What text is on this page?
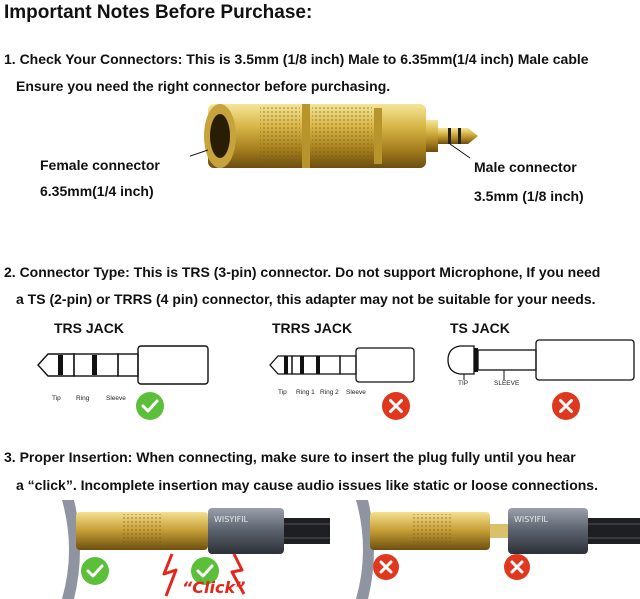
Important Notes Before Purchase:
1. Check Your Connectors: This is 3.5mm (1/8 inch) Male to 6.35mm(1/4 inch) Male cable
Ensure you need the right connector before purchasing.
Female connector
6.35mm(1/4 inch)
Male connector
3.5mm (1/8 inch)
2. Connector Type: This is TRS (3-pin) connector. Do not support Microphone, If you need
a TS (2-pin) or TRRS (4 pin) connector, this adapter may not be suitable for your needs.
TRS JACK
Tip Ring	Sleeve
TRRS JACK
Tip Ring 1 Ring 2 Sleeve
TS JACK
TIP	SLEEVE
3. Proper Insertion: When connecting, make sure to insert the plug fully until you hear
a “click”. Incomplete insertion may cause audio issues like static or loose connections.
WISYIFIL
“Click”
WISYIFIL
